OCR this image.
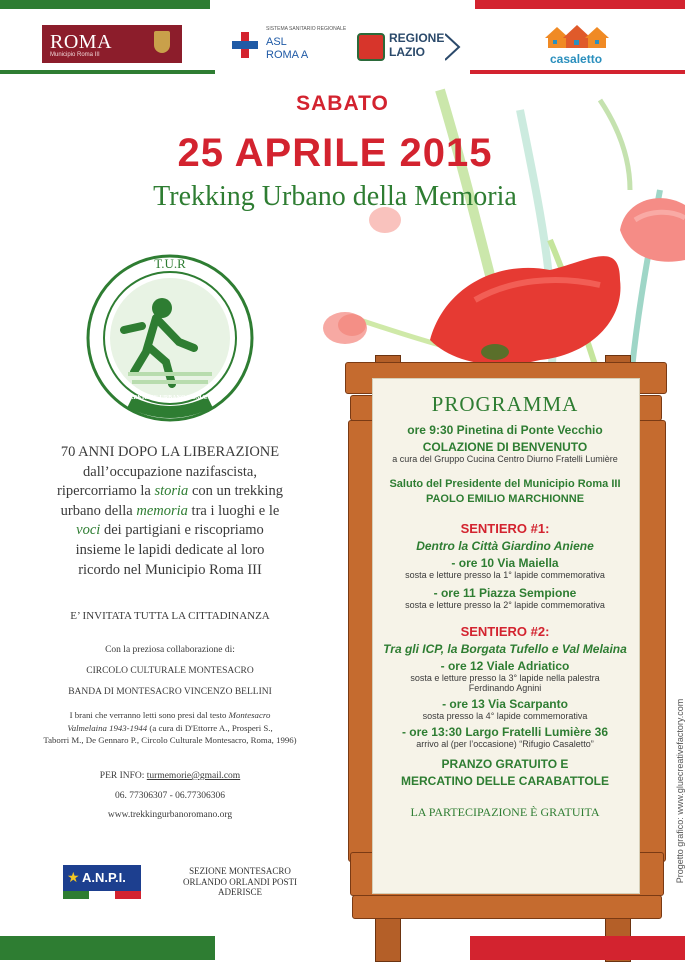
ROMA
Municipio Roma III
SISTEMA SANITARIO REGIONALE
ASL
ROMA A
REGIONE
LAZIO	casaletto
SABATO
25 APRILE 2015
Trekking Urbano della Memoria
T.U.R
TREKKING URBANO ROMANO
70 ANNI DOPO LA LIBERAZIONE
dall’occupazione nazifascista,
ripercorriamo la storia con un trekking
urbano della memoria tra i luoghi e le
voci dei partigiani e riscopriamo
insieme le lapidi dedicate al loro
ricordo nel Municipio Roma III
E’ INVITATA TUTTA LA CITTADINANZA
Con la preziosa collaborazione di:
CIRCOLO CULTURALE MONTESACRO
BANDA DI MONTESACRO VINCENZO BELLINI
I brani che verranno letti sono presi dal testo Montesacro
Valmelaina 1943-1944 (a cura di D'Ettorre A., Prosperi S.,
Taborri M., De Gennaro P., Circolo Culturale Montesacro, Roma, 1996)
PER INFO: turmemorie@gmail.com
06. 77306307 - 06.77306306
www.trekkingurbanoromano.org
★ A.N.P.I.	SEZIONE MONTESACRO
ORLANDO ORLANDI POSTI
ADERISCE
PROGRAMMA
ore 9:30 Pinetina di Ponte Vecchio
COLAZIONE DI BENVENUTO
a cura del Gruppo Cucina Centro Diurno Fratelli Lumière
Saluto del Presidente del Municipio Roma III
PAOLO EMILIO MARCHIONNE
SENTIERO #1:
Dentro la Città Giardino Aniene
- ore 10 Via Maiella
sosta e letture presso la 1° lapide commemorativa
- ore 11 Piazza Sempione
sosta e letture presso la 2° lapide commemorativa
SENTIERO #2:
Tra gli ICP, la Borgata Tufello e Val Melaina
- ore 12 Viale Adriatico
sosta e letture presso la 3° lapide nella palestra
Ferdinando Agnini
- ore 13 Via Scarpanto
sosta presso la 4° lapide commemorativa
- ore 13:30 Largo Fratelli Lumière 36
arrivo al (per l’occasione) “Rifugio Casaletto”
PRANZO GRATUITO E
MERCATINO DELLE CARABATTOLE
LA PARTECIPAZIONE È GRATUITA	Progetto grafico: www.gluecreativefactory.com
